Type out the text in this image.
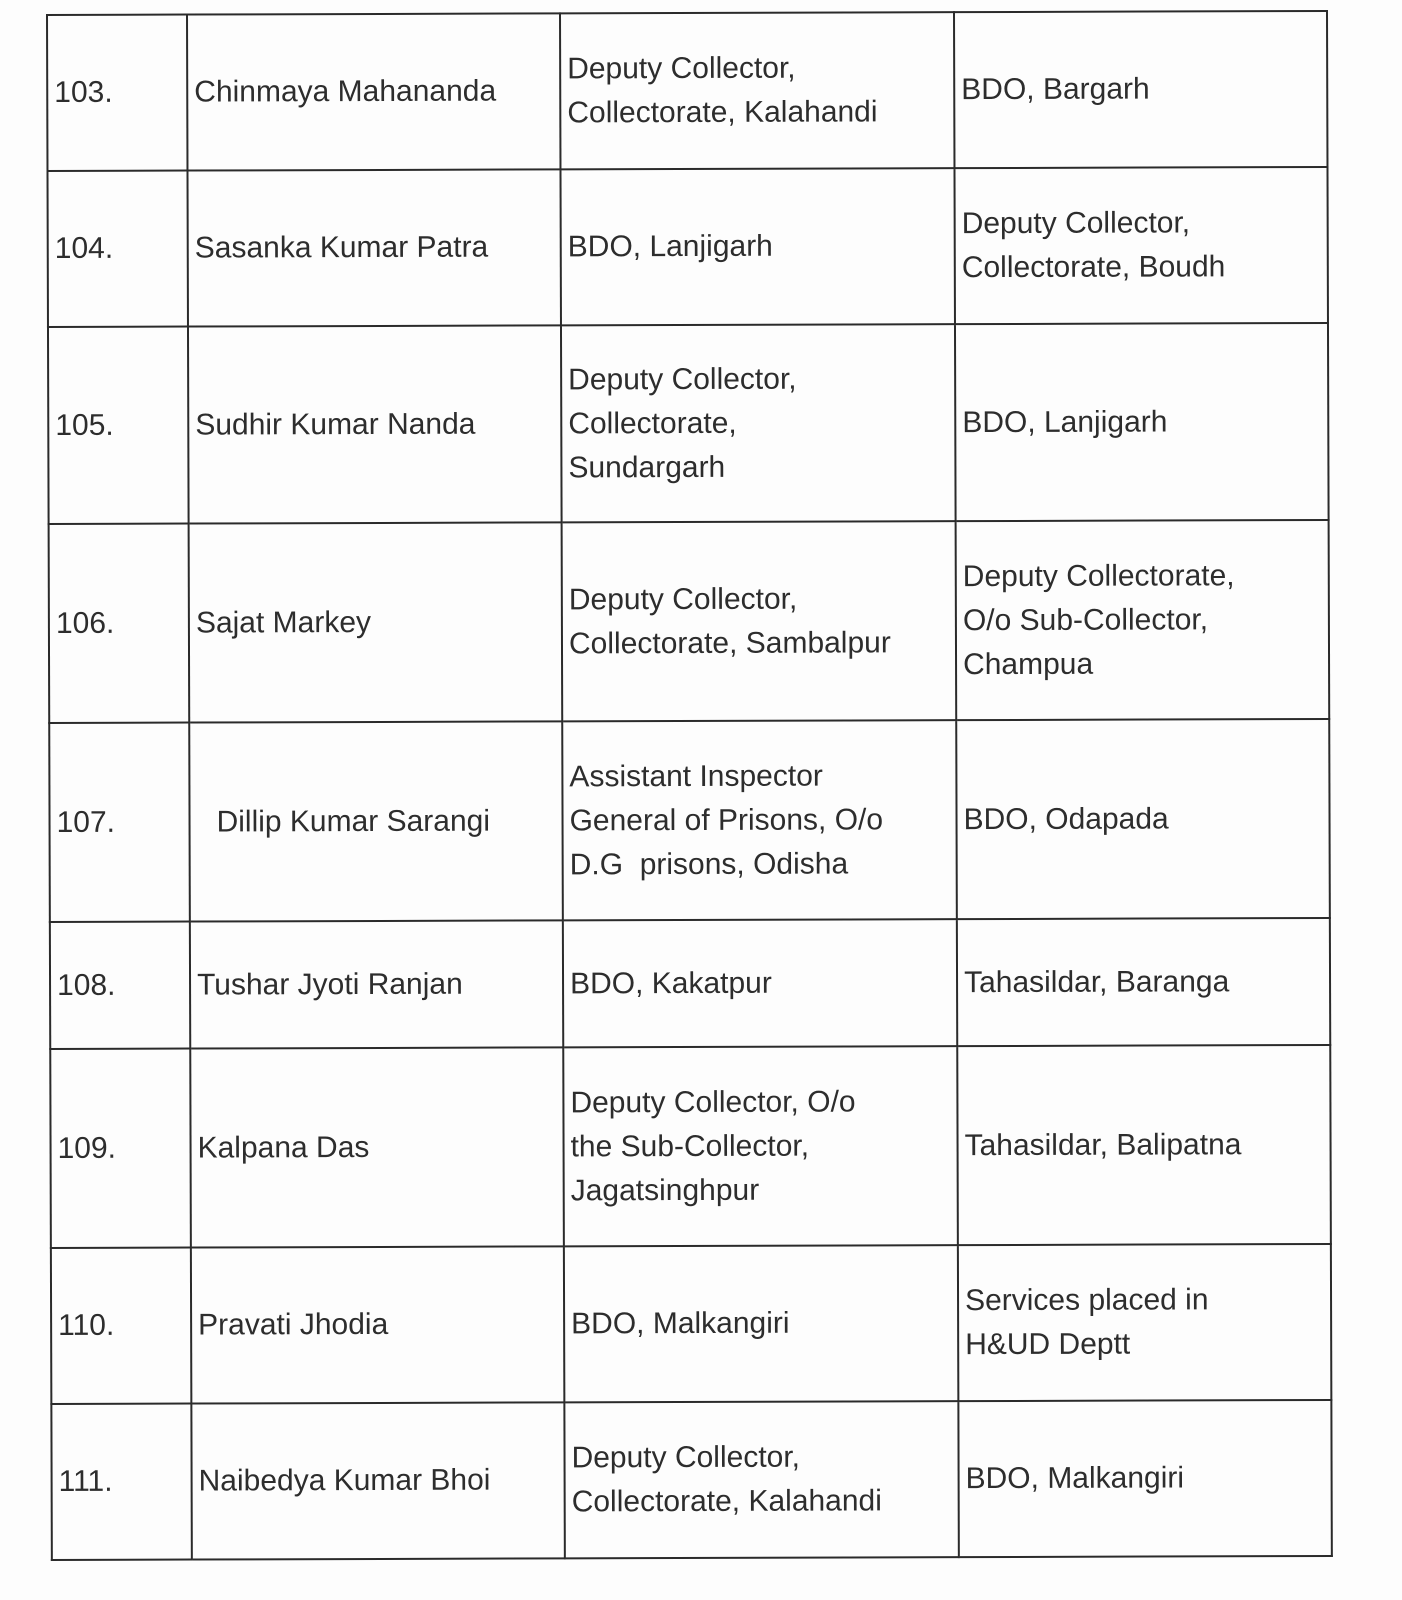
103.	Chinmaya Mahananda	Deputy Collector,
Collectorate, Kalahandi	BDO, Bargarh

104.	Sasanka Kumar Patra	BDO, Lanjigarh	Deputy Collector,
Collectorate, Boudh

105.	Sudhir Kumar Nanda	Deputy Collector,
Collectorate,
Sundargarh	BDO, Lanjigarh

106.	Sajat Markey	Deputy Collector,
Collectorate, Sambalpur	Deputy Collectorate,
O/o Sub-Collector,
Champua

107.	Dillip Kumar Sarangi	Assistant Inspector
General of Prisons, O/o
D.G  prisons, Odisha	BDO, Odapada

108.	Tushar Jyoti Ranjan	BDO, Kakatpur	Tahasildar, Baranga

109.	Kalpana Das	Deputy Collector, O/o
the Sub-Collector,
Jagatsinghpur	Tahasildar, Balipatna

110.	Pravati Jhodia	BDO, Malkangiri	Services placed in
H&UD Deptt

111.	Naibedya Kumar Bhoi	Deputy Collector,
Collectorate, Kalahandi	BDO, Malkangiri
